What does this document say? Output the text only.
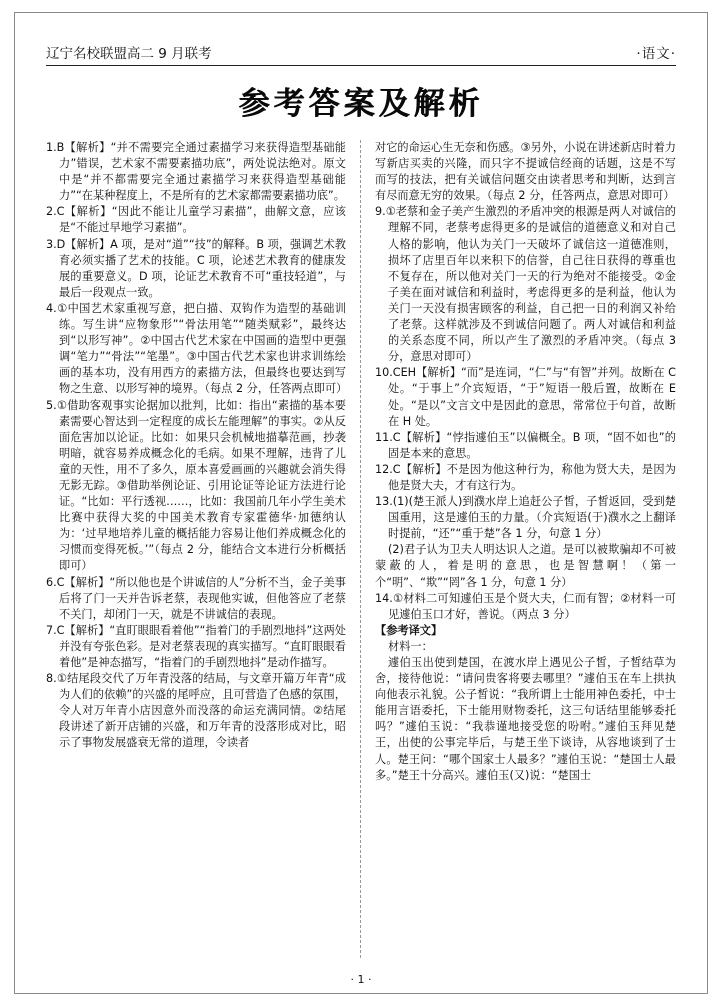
辽宁名校联盟高二 9 月联考	·语文·
参考答案及解析

1.B【解析】“并不需要完全通过素描学习来获得造型基础能力”错误，艺术家不需要素描功底”，两处说法绝对。原文中是“并不都需要完全通过素描学习来获得造型基础能力”“在某种程度上，不是所有的艺术家都需要素描功底”。

2.C【解析】“因此不能让儿童学习素描”，曲解文意，应该是“不能过早地学习素描”。

3.D【解析】A 项，是对“道”“技”的解释。B 项，强调艺术教育必须实播了艺术的技能。C 项，论述艺术教育的健康发展的重要意义。D 项，论证艺术教育不可“重技轻道”，与最后一段观点一致。

4.①中国艺术家重视写意，把白描、双钩作为造型的基础训练。写生讲“应物象形”“骨法用笔”“随类赋彩”，最终达到“以形写神”。②中国古代艺术家在中国画的造型中更强调“笔力”“骨法”“笔墨”。③中国古代艺术家也讲求训练绘画的基本功，没有用西方的素描方法，但最终也要达到写物之生意、以形写神的境界。（每点 2 分，任答两点即可）

5.①借助客观事实论据加以批判，比如：指出“素描的基本要素需要心智达到一定程度的成长左能理解”的事实。②从反面危害加以论证。比如：如果只会机械地描摹范画，抄袭明暗，就容易养成概念化的毛病。如果不理解，违背了儿童的天性，用不了多久，原本喜爱画画的兴趣就会消失得无影无踪。③借助举例论证、引用论证等论证方法进行论证。“比如：平行透视……，比如：我国前几年小学生美术比赛中获得大奖的中国美术教育专家霍德华·加德纳认为：‘过早地培养儿童的概括能力容易让他们养成概念化的习惯而变得死板。’”（每点 2 分，能结合文本进行分析概括即可）

6.C【解析】“所以他也是个讲诚信的人”分析不当，金子美事后将了门一天并告诉老蔡，表现他实诚，但他答应了老蔡不关门，却闭门一天，就是不讲诚信的表现。

7.C【解析】“直盯眼眼看着他”“指着门的手剧烈地抖”这两处并没有夸张色彩。是对老蔡表现的真实描写。“直盯眼眼看着他”是神态描写，“指着门的手剧烈地抖”是动作描写。

8.①结尾段交代了万年青没落的结局，与文章开篇万年青“成为人们的依赖”的兴盛的尾呼应，且可营造了色感的氛围，令人对万年青小店因意外而没落的命运充满同情。②结尾段讲述了新开店铺的兴盛，和万年青的没落形成对比，昭示了事物发展盛衰无常的道理，令读者

对它的命运心生无奈和伤感。③另外，小说在讲述新店时着力写新店买卖的兴隆，而只字不提诚信经商的话题，这是不写而写的技法，把有关诚信问题交由读者思考和判断，达到言有尽而意无穷的效果。（每点 2 分，任答两点，意思对即可）

9.①老蔡和金子美产生激烈的矛盾冲突的根源是两人对诚信的理解不同，老蔡考虑得更多的是诚信的道德意义和对自己人格的影响，他认为关门一天破坏了诚信这一道德准则，损坏了店里百年以来积下的信誉，自己往日获得的尊重也不复存在，所以他对关门一天的行为绝对不能接受。②金子美在面对诚信和利益时，考虑得更多的是利益，他认为关门一天没有损害顾客的利益，自己把一日的利润又补给了老蔡。这样就涉及不到诚信问题了。两人对诚信和利益的关系态度不同，所以产生了激烈的矛盾冲突。（每点 3 分，意思对即可）

10.CEH【解析】“而”是连词，“仁”与“有智”并列。故断在 C 处。“于事上”介宾短语，“于”短语一般后置，故断在 E 处。“是以”文言文中是因此的意思，常常位于句首，故断在 H 处。

11.C【解析】“悖指遽伯玉”以偏概全。B 项，“固不如也”的固是本来的意思。

12.C【解析】不是因为他这种行为，称他为贤大夫，是因为他是贤大夫，才有这行为。

13.(1)(楚王派人)到濮水岸上追赶公子皙，子皙返回，受到楚国重用，这是遽伯玉的力量。（介宾短语(于)濮水之上翻译时提前，“还”“重于楚”各 1 分，句意 1 分）

(2)君子认为卫夫人明达识人之道。是可以被欺骗却不可被蒙蔽的人，着是明的意思，也是智慧啊！（第一个“明”、“欺”“罔”各 1 分，句意 1 分）

14.①材料二可知遽伯玉是个贤大夫，仁而有智；②材料一可见遽伯玉口才好，善说。（两点 3 分）

【参考译文】

材料一：

遽伯玉出使到楚国，在渡水岸上遇见公子皙，子皙结草为舍，接待他说：“请问贵客将要去哪里？”遽伯玉在车上拱执向他表示礼貌。公子皙说：“我所谓上士能用神色委托，中士能用言语委托，下士能用财物委托，这三句话结里能够委托吗？”遽伯玉说：“我恭谨地接受您的吩咐。”遽伯玉拜见楚王，出使的公事完毕后，与楚王坐下谈诗，从容地谈到了士人。楚王问：“哪个国家士人最多？”遽伯玉说：“楚国士人最多。”楚王十分高兴。遽伯玉(又)说：“楚国士

· 1 ·
